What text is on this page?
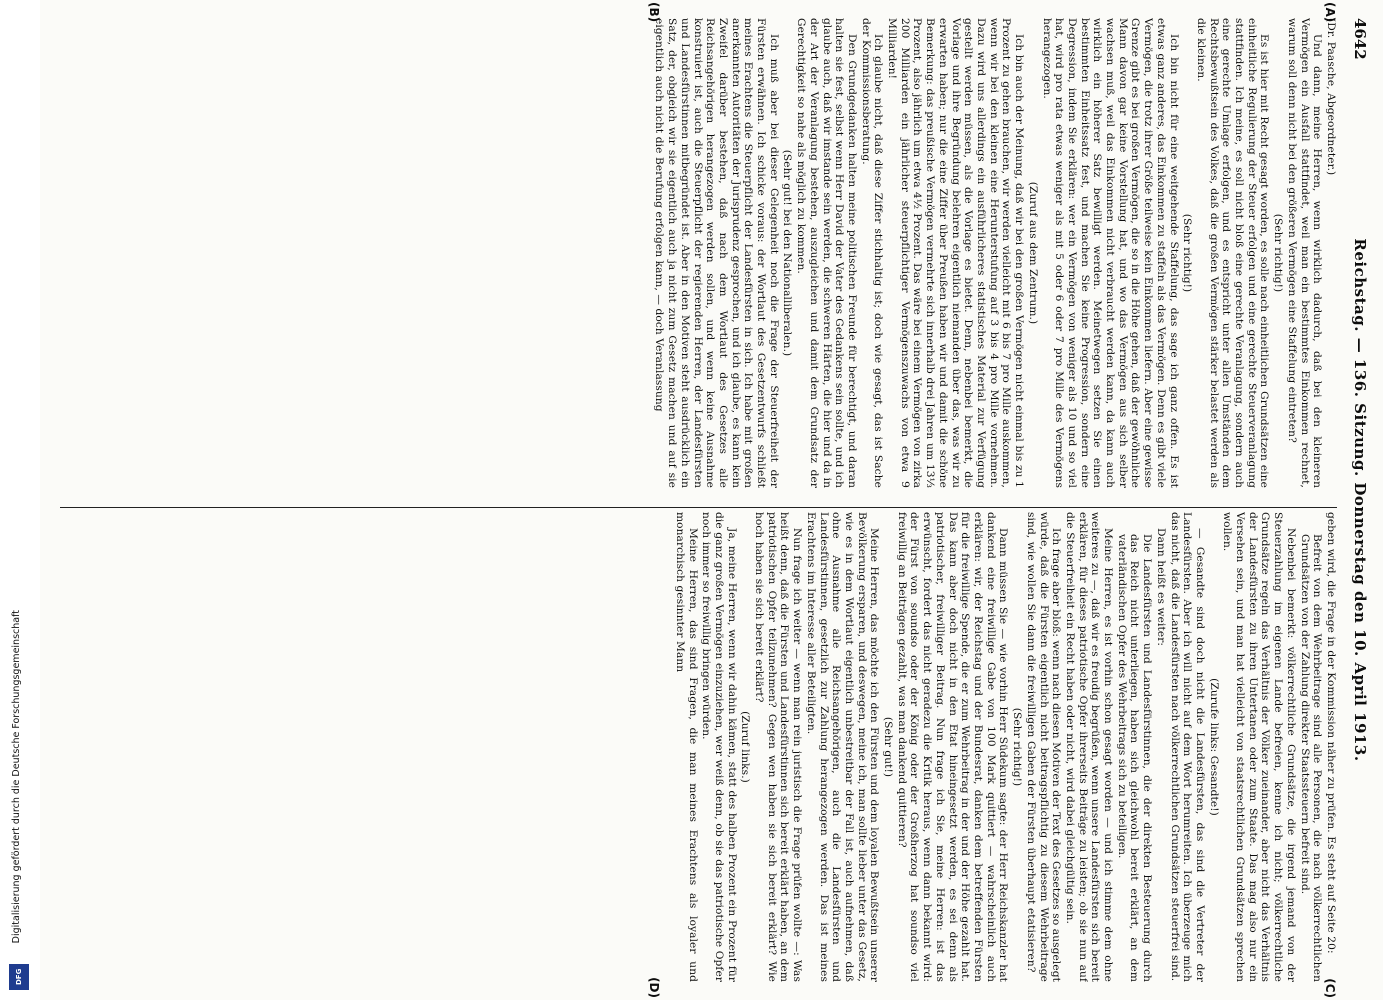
Digitalisierung gefördert durch die Deutsche Forschungsgemeinschaft
DFG
4642
Reichstag. — 136. Sitzung. Donnerstag den 10. April 1913.
(A)
(B)
(C)
(D)

(Dr. Paasche, Abgeordneter.)

Und dann, meine Herren, wenn wirklich dadurch, daß bei den kleineren Vermögen ein Ausfall stattfindet, weil man ein bestimmtes Einkommen rechnet, warum soll denn nicht bei den größeren Vermögen eine Staffelung eintreten?

(Sehr richtig!)

Es ist hier mit Recht gesagt worden, es solle nach einheitlichen Grundsätzen eine einheitliche Regulierung der Steuer erfolgen und eine gerechte Steuerveranlagung stattfinden. Ich meine, es soll nicht bloß eine gerechte Veranlagung, sondern auch eine gerechte Umlage erfolgen, und es entspricht unter allen Umständen dem Rechtsbewußtsein des Volkes, daß die großen Vermögen stärker belastet werden als die kleinen.

(Sehr richtig!)

Ich bin nicht für eine weitgehende Staffelung, das sage ich ganz offen. Es ist etwas ganz anderes, das Einkommen zu staffeln als das Vermögen. Denn es gibt viele Vermögen, die trotz ihrer Größe teilweise kein Einkommen liefern. Aber eine gewisse Grenze gibt es bei großen Vermögen, die so in die Höhe gehen, daß der gewöhnliche Mann davon gar keine Vorstellung hat, und wo das Vermögen aus sich selber wachsen muß, weil das Einkommen nicht verbraucht werden kann, da kann auch wirklich ein höherer Satz bewilligt werden. Meinetwegen setzen Sie einen bestimmten Einheitssatz fest, und machen Sie keine Progression, sondern eine Degression, indem Sie erklären: wer ein Vermögen von weniger als 10 und so viel hat, wird pro rata etwas weniger als mit 5 oder 6 oder 7 pro Mille des Vermögens herangezogen.

(Zuruf aus dem Zentrum.)

Ich bin auch der Meinung, daß wir bei den großen Vermögen nicht einmal bis zu 1 Prozent zu gehen brauchen, wir werden vielleicht mit 6 bis 7 pro Mille auskommen, wenn wir bei den kleinen eine Herunterstufung auf 3 bis 4 pro Mille vornehmen. Dazu wird uns allerdings ein ausführlicheres statistisches Material zur Verfügung gestellt werden müssen, als die Vorlage es bietet. Denn, nebenbei bemerkt, die Vorlage und ihre Begründung belehren eigentlich niemanden über das, was wir zu erwarten haben; nur die eine Ziffer über Preußen haben wir und damit die schöne Bemerkung: das preußische Vermögen vermehrte sich innerhalb drei Jahren um 13⅓ Prozent, also jährlich um etwa 4½ Prozent. Das wäre bei einem Vermögen von zirka 200 Milliarden ein jährlicher steuerpflichtiger Vermögenszuwachs von etwa 9 Milliarden!

Ich glaube nicht, daß diese Ziffer stichhaltig ist; doch wie gesagt, das ist Sache der Kommissionsberatung.

Den Grundgedanken halten meine politischen Freunde für berechtigt, und daran halten sie fest, selbst wenn Herr David der Vater des Gedankens sein sollte, und ich glaube auch, daß wir imstande sein werden, die schweren Härten, die hier und da in der Art der Veranlagung bestehen, auszugleichen und damit dem Grundsatz der Gerechtigkeit so nahe als möglich zu kommen.

(Sehr gut! bei den Nationalliberalen.)

Ich muß aber bei dieser Gelegenheit noch die Frage der Steuerfreiheit der Fürsten erwähnen. Ich schicke voraus: der Wortlaut des Gesetzentwurfs schließt meines Erachtens die Steuerpflicht der Landesfürsten in sich. Ich habe mit großen anerkannten Autoritäten der Jurisprudenz gesprochen, und ich glaube, es kann kein Zweifel darüber bestehen, daß nach dem Wortlaut des Gesetzes alle Reichsangehörigen herangezogen werden sollen, und wenn keine Ausnahme konstruiert ist, auch die Steuerpflicht der regierenden Herren, der Landesfürsten und Landesfürstinnen mitbegründet ist. Aber in den Motiven steht ausdrücklich ein Satz, der, obgleich wir sie eigentlich auch ja nicht zum Gesetz machen und auf sie eigentlich auch nicht die Berufung erfolgen kann, — doch Veranlassung

geben wird, die Frage in der Kommission näher zu prüfen. Es steht auf Seite 20:

Befreit von dem Wehrbeitrage sind alle Personen, die nach völkerrechtlichen Grundsätzen von der Zahlung direkter Staatssteuern befreit sind.

Nebenbei bemerkt: völkerrechtliche Grundsätze, die irgend jemand von der Steuerzahlung im eigenen Lande befreien, kenne ich nicht; völkerrechtliche Grundsätze regeln das Verhältnis der Völker zueinander, aber nicht das Verhältnis der Landesfürsten zu ihren Untertanen oder zum Staate. Das mag also nur ein Versehen sein, und man hat vielleicht von staatsrechtlichen Grundsätzen sprechen wollen.

(Zurufe links: Gesandte!)

— Gesandte sind doch nicht die Landesfürsten, das sind die Vertreter der Landesfürsten. Aber ich will nicht auf dem Wort herumreiten. Ich überzeuge mich das nicht, daß die Landesfürsten nach völkerrechtlichen Grundsätzen steuerfrei sind.

Dann heißt es weiter:

Die Landesfürsten und Landesfürstinnen, die der direkten Besteuerung durch das Reich nicht unterliegen, haben sich gleichwohl bereit erklärt, an dem vaterländischen Opfer des Wehrbeitrags sich zu beteiligen.

Meine Herren, es ist vorhin schon gesagt worden — und ich stimme dem ohne weiteres zu —, daß wir es freudig begrüßen, wenn unsere Landesfürsten sich bereit erklären, für dieses patriotische Opfer ihrerseits Beiträge zu leisten; ob sie nun auf die Steuerfreiheit ein Recht haben oder nicht, wird dabei gleichgültig sein.

Ich frage aber bloß: wenn nach diesen Motiven der Text des Gesetzes so ausgelegt würde, daß die Fürsten eigentlich nicht beitragspflichtig zu diesem Wehrbeitrage sind, wie wollen Sie dann die freiwilligen Gaben der Fürsten überhaupt etatisieren?

(Sehr richtig!)

Dann müssen Sie — wie vorhin Herr Südekum sagte: der Herr Reichskanzler hat dankend eine freiwillige Gabe von 100 Mark quittiert — wahrscheinlich auch erklären: wir, der Reichstag und der Bundesrat, danken dem betreffenden Fürsten für die freiwillige Spende, die er zum Wehrbeitrag in der und der Höhe gezahlt hat. Das kann aber doch nicht in den Etat hineingesetzt werden, es sei denn als patriotischer, freiwilliger Beitrag. Nun frage ich Sie, meine Herren: ist das erwünscht, fordert das nicht geradezu die Kritik heraus, wenn dann bekannt wird: der Fürst von soundso oder der König oder der Großherzog hat soundso viel freiwillig an Beiträgen gezahlt, was man dankend quittieren?

(Sehr gut!)

Meine Herren, das möchte ich den Fürsten und dem loyalen Bewußtsein unserer Bevölkerung ersparen, und deswegen, meine ich, man sollte lieber unter das Gesetz, wie es in dem Wortlaut eigentlich unbestreitbar der Fall ist, auch aufnehmen, daß ohne Ausnahme alle Reichsangehörigen, auch die Landesfürsten und Landesfürstinnen, gesetzlich zur Zahlung herangezogen werden. Das ist meines Erachtens im Interesse aller Beteiligten.

Nun frage ich weiter — wenn man rein juristisch die Frage prüfen wollte —: Was heißt denn, daß die Fürsten und Landesfürstinnen sich bereit erklärt haben, an dem patriotischen Opfer teilzunehmen? Gegen wen haben sie sich bereit erklärt? Wie hoch haben sie sich bereit erklärt?

(Zuruf links.)

Ja, meine Herren, wenn wir dahin kämen, statt des halben Prozent ein Prozent für die ganz großen Vermögen einzuziehen, wer weiß denn, ob sie das patriotische Opfer noch immer so freiwillig bringen würden.

Meine Herren, das sind Fragen, die man meines Erachtens als loyaler und monarchisch gesinnter Mann
